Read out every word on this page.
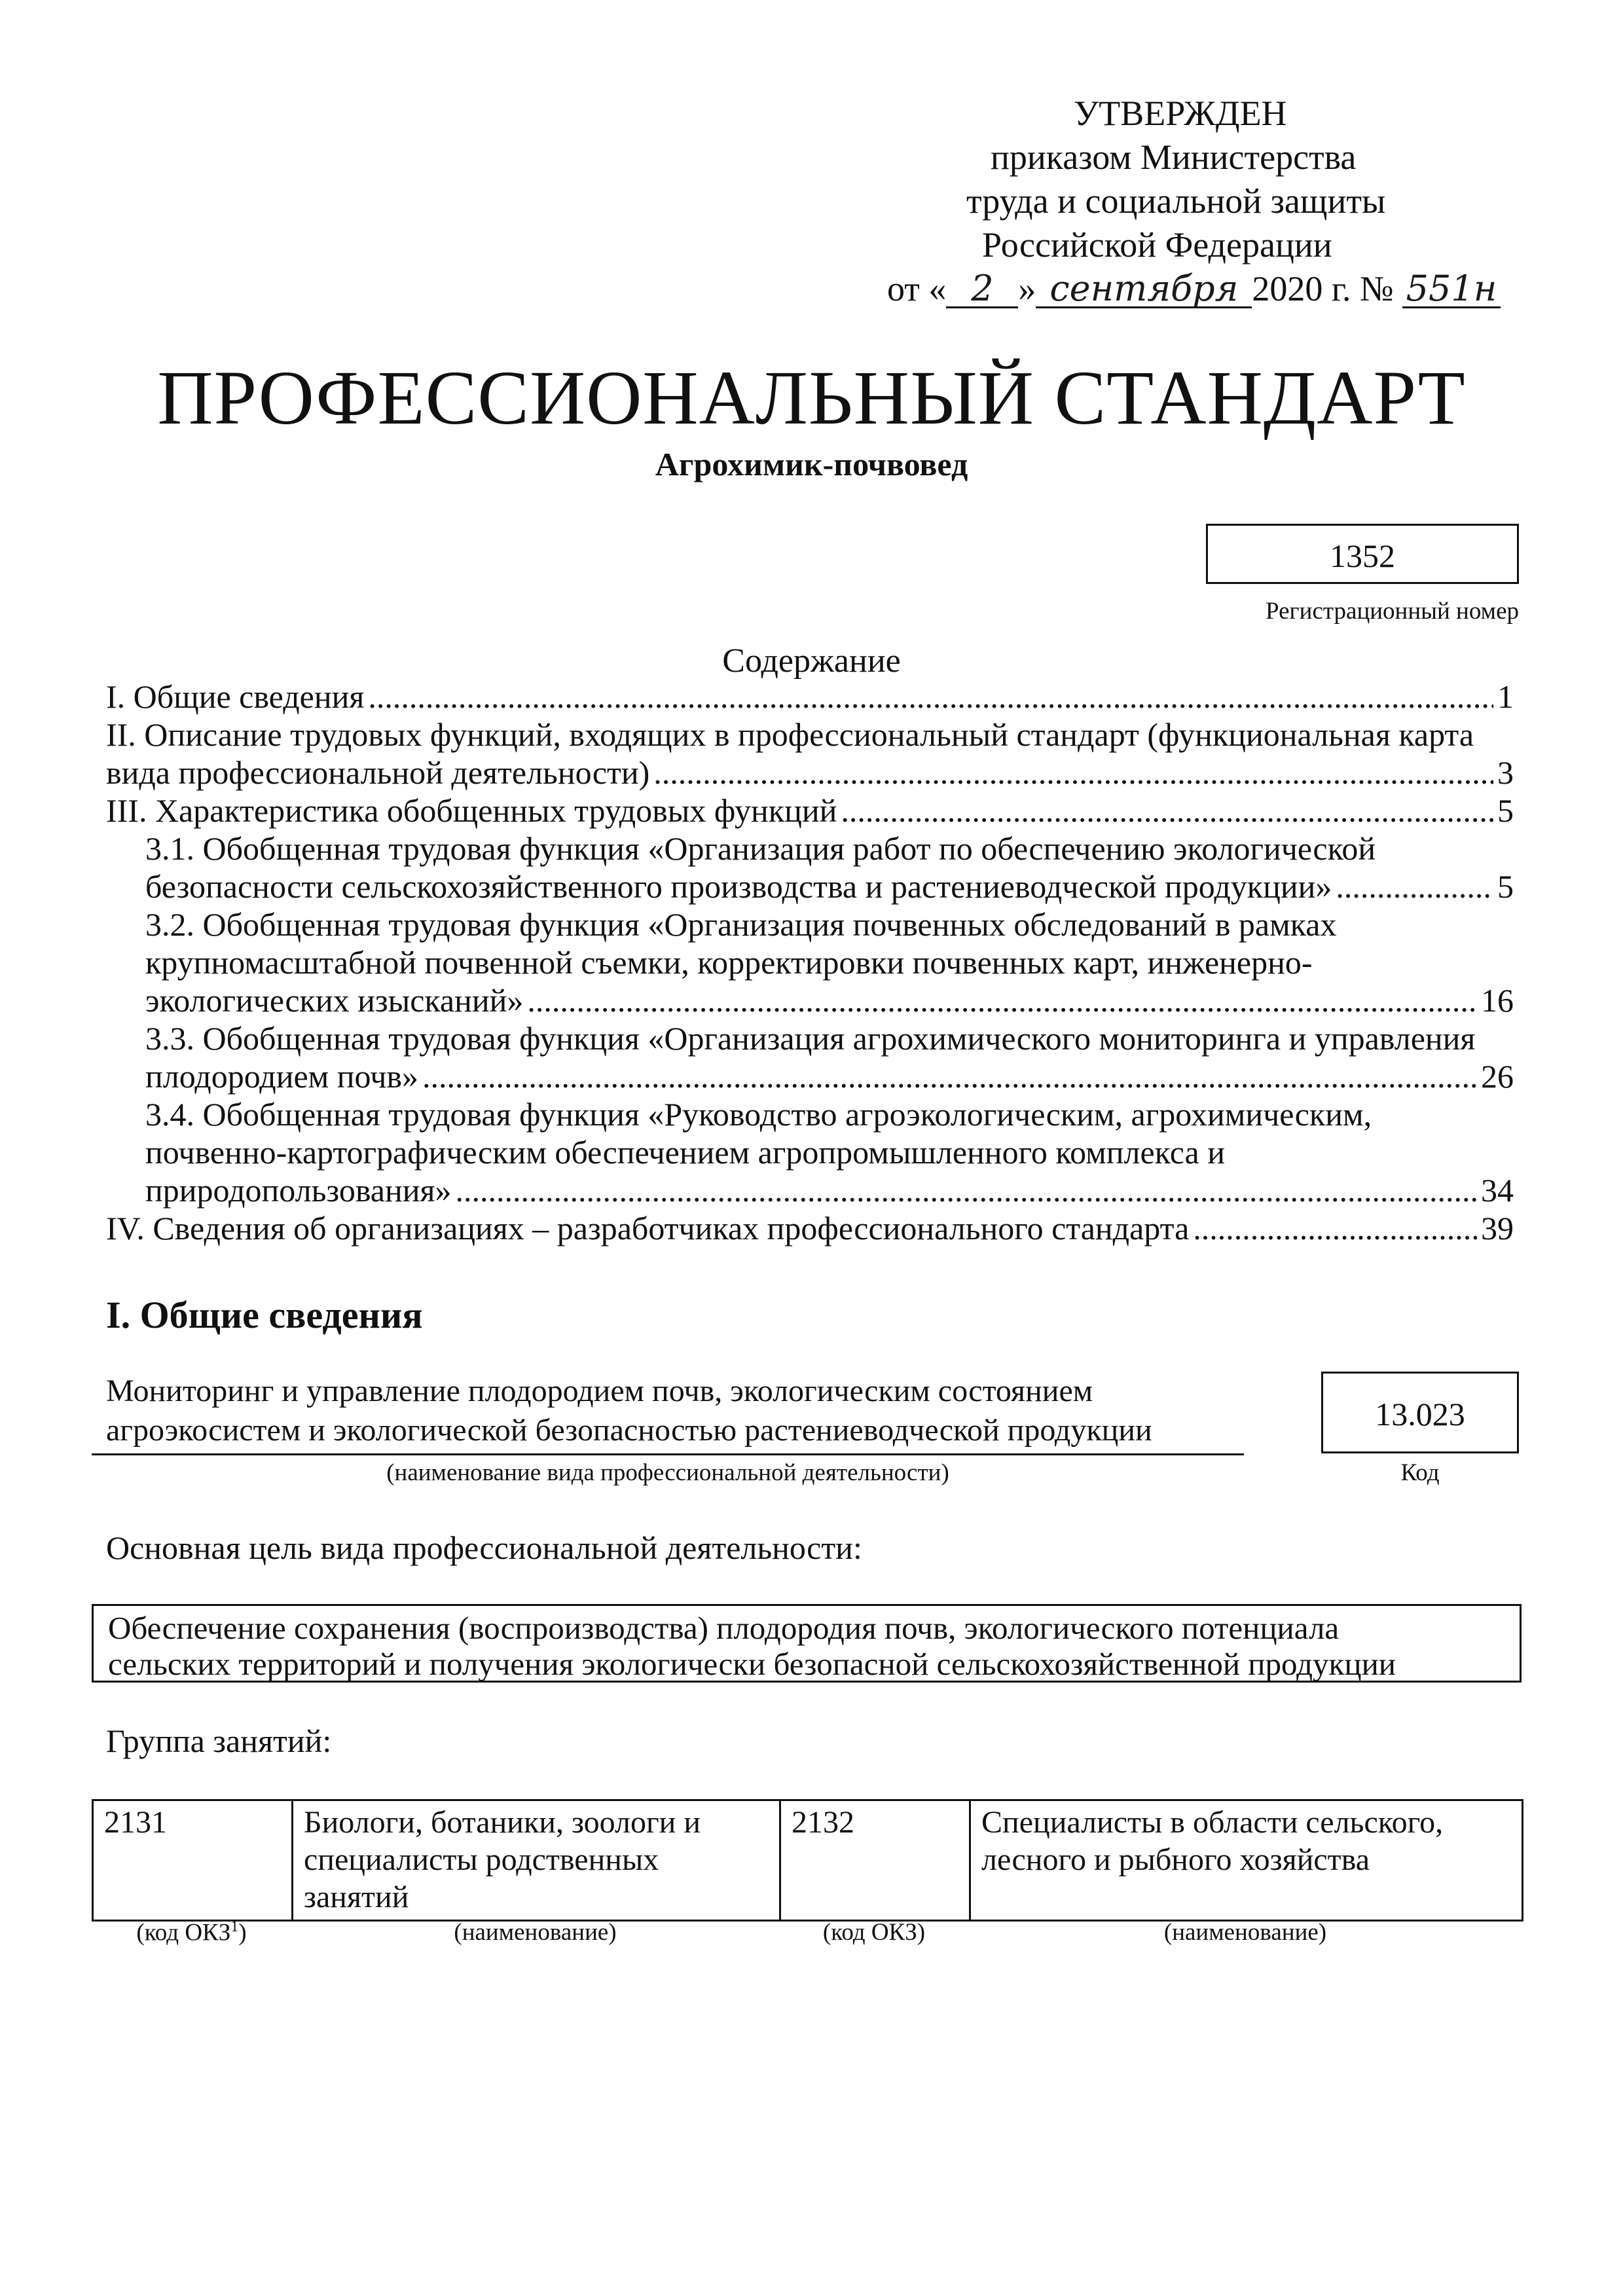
УТВЕРЖДЕН
приказом Министерства
труда и социальной защиты
Российской Федерации
от « 2 » сентября 2020 г. № 551н
ПРОФЕССИОНАЛЬНЫЙ СТАНДАРТ
Агрохимик-почвовед
1352
Регистрационный номер
Содержание
I. Общие сведения .....	1
II. Описание трудовых функций, входящих в профессиональный стандарт (функциональная карта
вида профессиональной деятельности) .....	3
III. Характеристика обобщенных трудовых функций .....	5
3.1. Обобщенная трудовая функция «Организация работ по обеспечению экологической
безопасности сельскохозяйственного производства и растениеводческой продукции» .....	5
3.2. Обобщенная трудовая функция «Организация почвенных обследований в рамках
крупномасштабной почвенной съемки, корректировки почвенных карт, инженерно-
экологических изысканий» .....	16
3.3. Обобщенная трудовая функция «Организация агрохимического мониторинга и управления
плодородием почв» .....	26
3.4. Обобщенная трудовая функция «Руководство агроэкологическим, агрохимическим,
почвенно-картографическим обеспечением агропромышленного комплекса и
природопользования» .....	34
IV. Сведения об организациях – разработчиках профессионального стандарта .....	39
I. Общие сведения
Мониторинг и управление плодородием почв, экологическим состоянием
агроэкосистем и экологической безопасностью растениеводческой продукции
(наименование вида профессиональной деятельности)
13.023
Код
Основная цель вида профессиональной деятельности:
Обеспечение сохранения (воспроизводства) плодородия почв, экологического потенциала
сельских территорий и получения экологически безопасной сельскохозяйственной продукции
Группа занятий:
2131	Биологи, ботаники, зоологи и специалисты родственных занятий	2132	Специалисты в области сельского, лесного и рыбного хозяйства
(код ОКЗ$^1$)	(наименование)	(код ОКЗ)	(наименование)
